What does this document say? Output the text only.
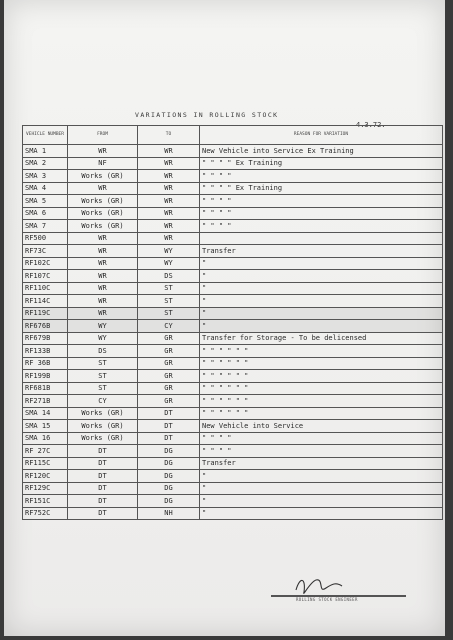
VARIATIONS IN ROLLING STOCK
4.3.72.
VEHICLE NUMBER	FROM	TO	REASON FOR VARIATION
SMA 1	WR	WR	New Vehicle into Service Ex Training
SMA 2	NF	WR	" " " " Ex Training
SMA 3	Works (GR)	WR	" " " "
SMA 4	WR	WR	" " " " Ex Training
SMA 5	Works (GR)	WR	" " " "
SMA 6	Works (GR)	WR	" " " "
SMA 7	Works (GR)	WR	" " " "
RF500	WR	WR	
RF73C	WR	WY	Transfer
RF102C	WR	WY	"
RF107C	WR	DS	"
RF110C	WR	ST	"
RF114C	WR	ST	"
RF119C	WR	ST	"
RF676B	WY	CY	"
RF679B	WY	GR	Transfer for Storage - To be delicensed
RF133B	DS	GR	" " " " " "
RF 36B	ST	GR	" " " " " "
RF199B	ST	GR	" " " " " "
RF681B	ST	GR	" " " " " "
RF271B	CY	GR	" " " " " "
SMA 14	Works (GR)	DT	" " " " " "
SMA 15	Works (GR)	DT	New Vehicle into Service
SMA 16	Works (GR)	DT	" " " "
RF 27C	DT	DG	" " " "
RF115C	DT	DG	Transfer
RF120C	DT	DG	"
RF129C	DT	DG	"
RF151C	DT	DG	"
RF752C	DT	NH	"
ROLLING STOCK ENGINEER
